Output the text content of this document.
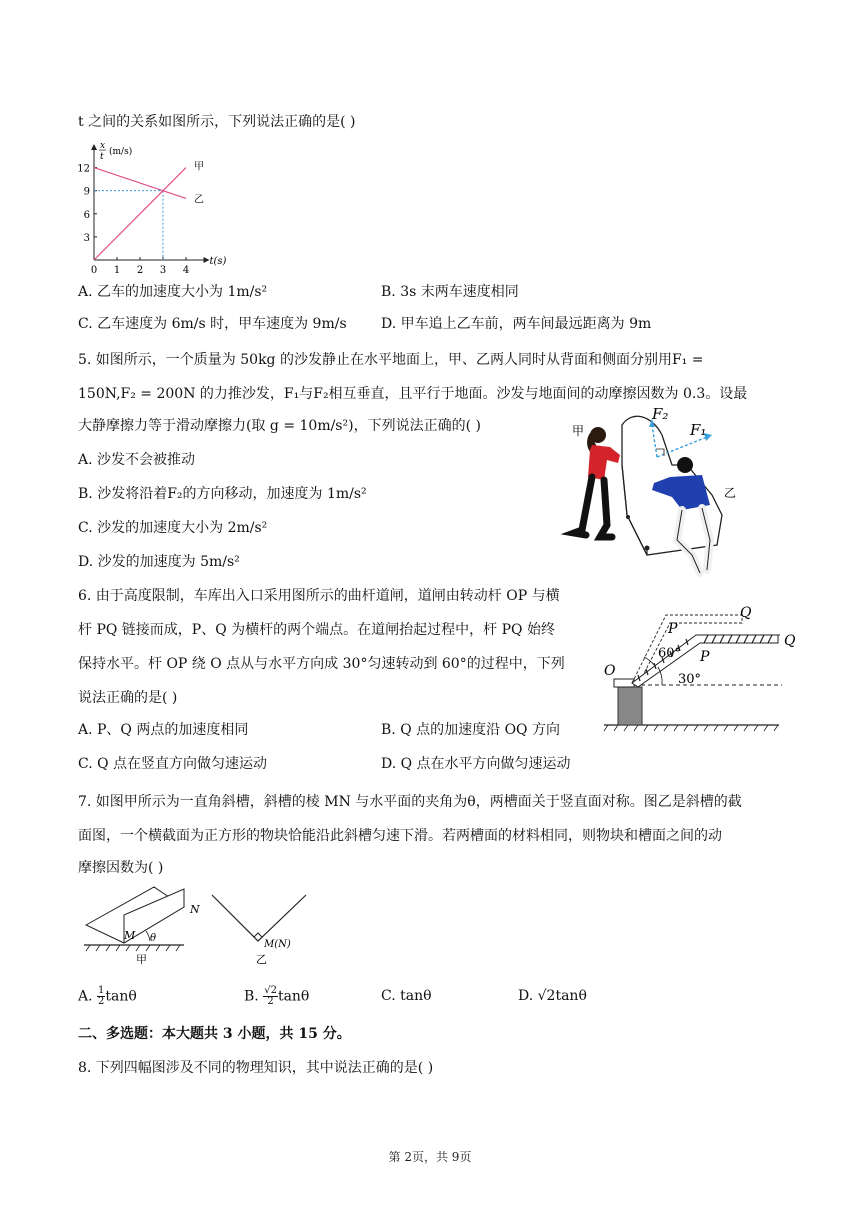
t 之间的关系如图所示，下列说法正确的是( )
12
9
6
3
0 1 2 3 4
x
t (m/s)
t(s)
甲
乙
A. 乙车的加速度大小为 1m/s²	B. 3s 末两车速度相同
C. 乙车速度为 6m/s 时，甲车速度为 9m/s D. 甲车追上乙车前，两车间最远距离为 9m
5. 如图所示，一个质量为 50kg 的沙发静止在水平地面上，甲、乙两人同时从背面和侧面分别用F₁ =
150N,F₂ = 200N 的力推沙发，F₁与F₂相互垂直，且平行于地面。沙发与地面间的动摩擦因数为 0.3。设最
大静摩擦力等于滑动摩擦力(取 g = 10m/s²)，下列说法正确的( )
A. 沙发不会被推动
B. 沙发将沿着F₂的方向移动，加速度为 1m/s²
C. 沙发的加速度大小为 2m/s²
D. 沙发的加速度为 5m/s²
F₂
F₁
甲
乙
6. 由于高度限制，车库出入口采用图所示的曲杆道闸，道闸由转动杆 OP 与横
杆 PQ 链接而成，P、Q 为横杆的两个端点。在道闸抬起过程中，杆 PQ 始终
保持水平。杆 OP 绕 O 点从与水平方向成 30°匀速转动到 60°的过程中，下列
说法正确的是( )
A. P、Q 两点的加速度相同	B. Q 点的加速度沿 OQ 方向
C. Q 点在竖直方向做匀速运动	D. Q 点在水平方向做匀速运动
Q
P
Q
P
O
60°
30°
7. 如图甲所示为一直角斜槽，斜槽的棱 MN 与水平面的夹角为θ，两槽面关于竖直面对称。图乙是斜槽的截
面图，一个横截面为正方形的物块恰能沿此斜槽匀速下滑。若两槽面的材料相同，则物块和槽面之间的动
摩擦因数为( )
N
M θ
甲
M(N)
乙
A. $\frac{1}{2}$ tanθ	B. $\frac{√2}{2}$ tanθ	C. tanθ	D. √2tanθ
二、多选题：本大题共 3 小题，共 15 分。
8. 下列四幅图涉及不同的物理知识，其中说法正确的是( )
第 2页，共 9页
